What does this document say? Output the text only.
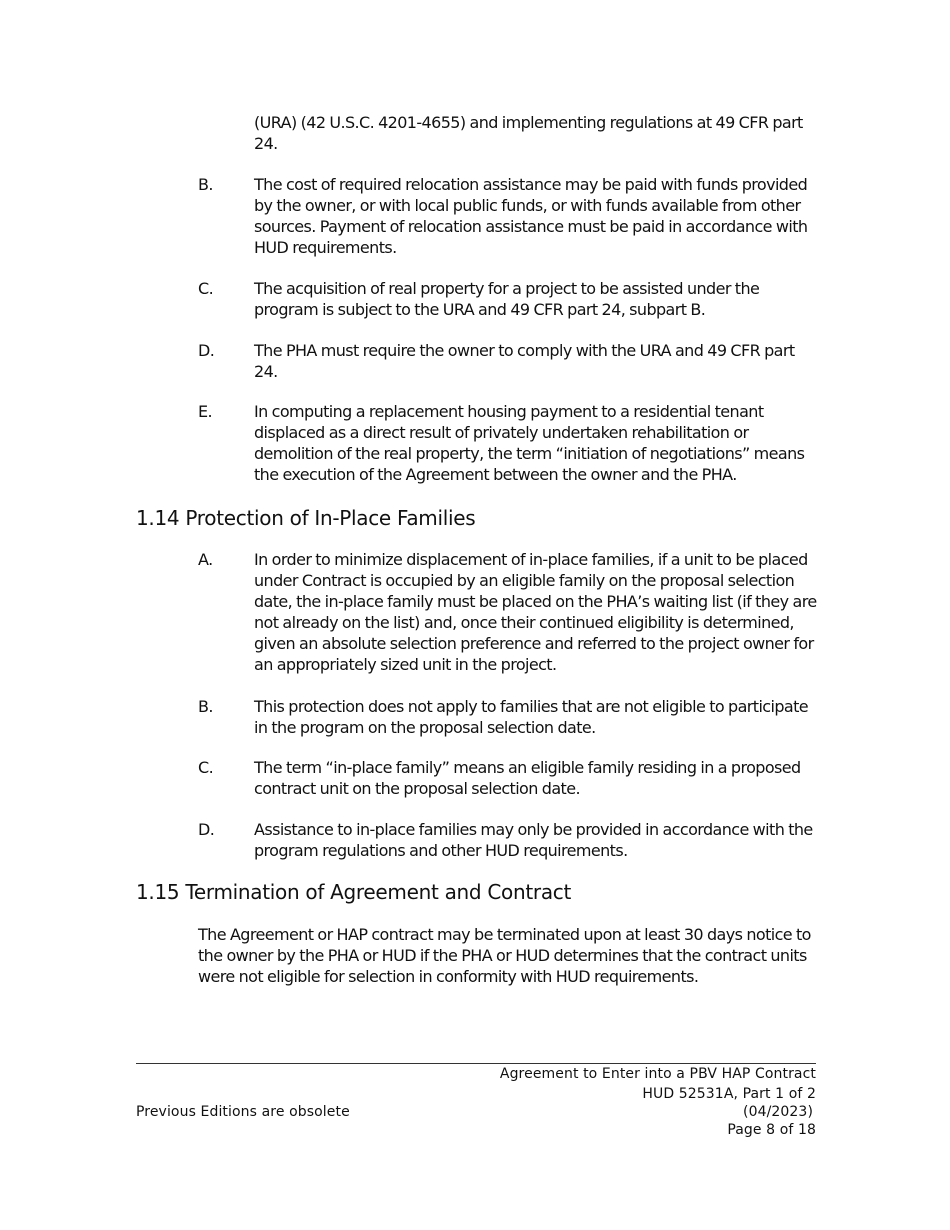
(URA) (42 U.S.C. 4201-4655) and implementing regulations at 49 CFR part 24.
B.	The cost of required relocation assistance may be paid with funds provided by the owner, or with local public funds, or with funds available from other sources. Payment of relocation assistance must be paid in accordance with HUD requirements.
C.	The acquisition of real property for a project to be assisted under the program is subject to the URA and 49 CFR part 24, subpart B.
D.	The PHA must require the owner to comply with the URA and 49 CFR part 24.
E.	In computing a replacement housing payment to a residential tenant displaced as a direct result of privately undertaken rehabilitation or demolition of the real property, the term “initiation of negotiations” means the execution of the Agreement between the owner and the PHA.
1.14 Protection of In-Place Families
A.	In order to minimize displacement of in-place families, if a unit to be placed under Contract is occupied by an eligible family on the proposal selection date, the in-place family must be placed on the PHA’s waiting list (if they are not already on the list) and, once their continued eligibility is determined, given an absolute selection preference and referred to the project owner for an appropriately sized unit in the project.
B.	This protection does not apply to families that are not eligible to participate in the program on the proposal selection date.
C.	The term “in-place family” means an eligible family residing in a proposed contract unit on the proposal selection date.
D.	Assistance to in-place families may only be provided in accordance with the program regulations and other HUD requirements.
1.15 Termination of Agreement and Contract
The Agreement or HAP contract may be terminated upon at least 30 days notice to the owner by the PHA or HUD if the PHA or HUD determines that the contract units were not eligible for selection in conformity with HUD requirements.
Agreement to Enter into a PBV HAP Contract
HUD 52531A, Part 1 of 2
Previous Editions are obsolete	(04/2023)
Page 8 of 18
